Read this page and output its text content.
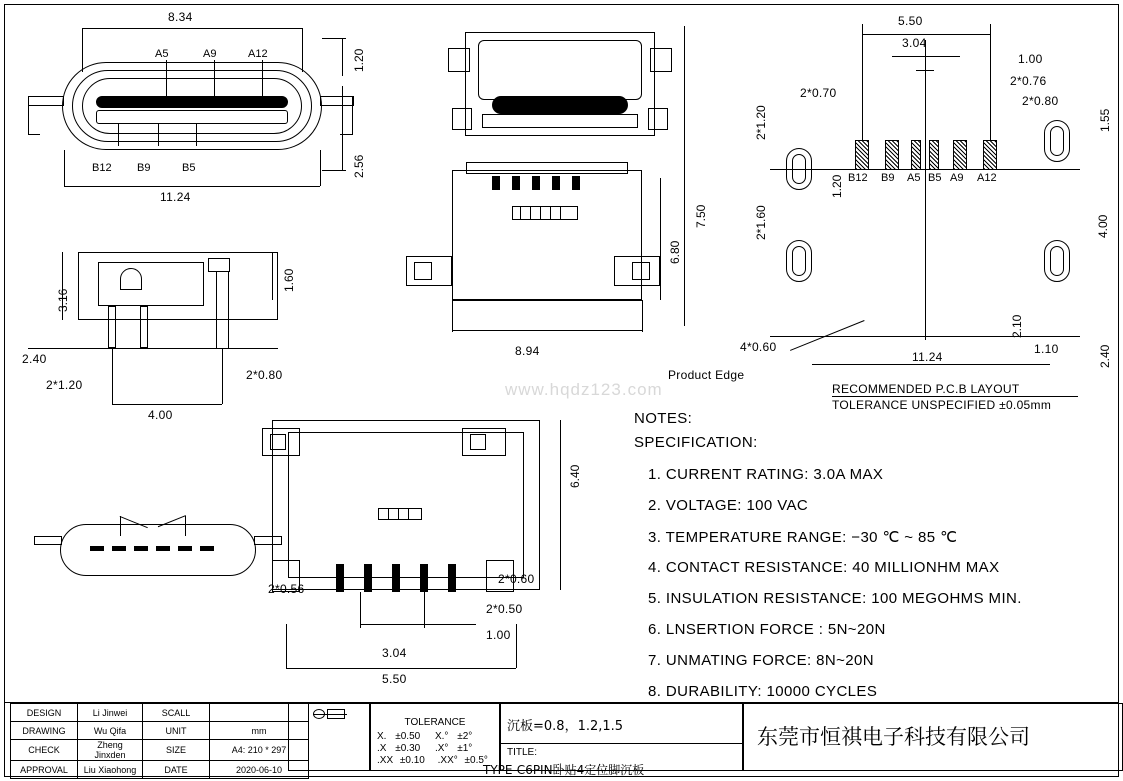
www.hqdz123.com
8.34
11.24
1.20
2.56
A5	A9	A12
B12 B9	B5
7.50
6.80
8.94
3.16
1.60
2.40
2*1.20
2*0.80
4.00
6.40
2*0.56
2*0.60
2*0.50
1.00
3.04
5.50
5.50
3.04
1.00
2*0.76
2*0.80
2*0.70
1.55
2*1.20
2*1.60
1.20
4.00
2.10
1.10	2.40
11.24
4*0.60
B12 B9 A5 B5 A9 A12
Product Edge
RECOMMENDED P.C.B LAYOUT
TOLERANCE UNSPECIFIED ±0.05mm
NOTES:
SPECIFICATION:
1. CURRENT RATING: 3.0A MAX
2. VOLTAGE: 100 VAC
3. TEMPERATURE RANGE: −30 ℃ ~ 85 ℃
4. CONTACT RESISTANCE: 40 MILLIONHM MAX
5. INSULATION RESISTANCE: 100 MEGOHMS MIN.
6. LNSERTION FORCE : 5N~20N
7. UNMATING FORCE: 8N~20N
8. DURABILITY: 10000 CYCLES
DESIGN	Li Jinwei	SCALL	
DRAWING	Wu Qifa	UNIT	mm
CHECK	Zheng Jinxden	SIZE	A4: 210 * 297
APPROVAL	Liu Xiaohong	DATE	2020-06-10
TOLERANCE
X. ±0.50 X.° ±2°
.X ±0.30 .X° ±1°
.XX ±0.10 .XX° ±0.5°
沉板=0.8，1.2,1.5
TITLE:
TYPE-C6PIN卧贴4定位脚沉板
东莞市恒祺电子科技有限公司
